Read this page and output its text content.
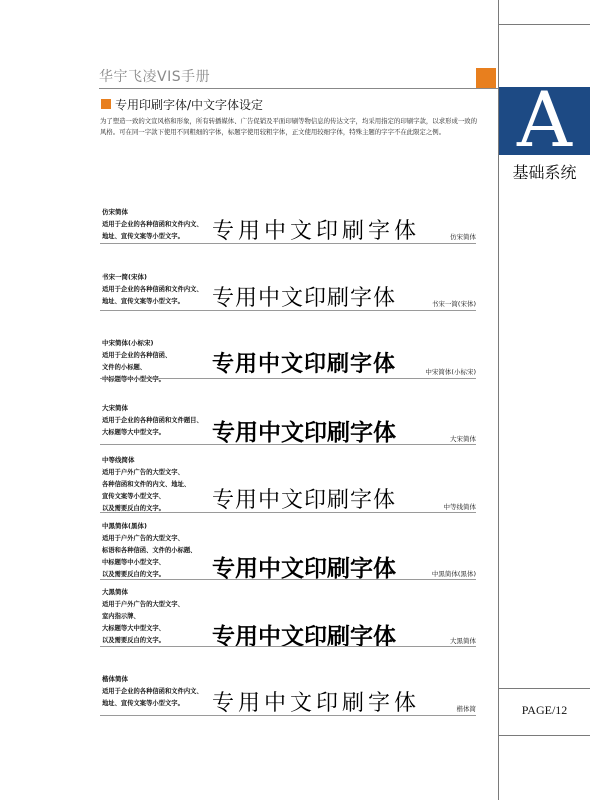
A
基础系统
PAGE/12
华宇飞凌VIS手册
专用印刷字体/中文字体设定
为了塑造一致的文宣风格和形象，所有转播媒体、广告促销及平面印刷等物信息的传达文字，均采用指定的印刷字款，以求形成一致的风格。可在同一字款下使用不同粗细的字体，标题字使用较粗字体，正文使用较细字体，特殊主题的字字不在此限定之例。
仿宋简体
适用于企业的各种信函和文件内文、
地址、宣传文案等小型文字。	专用中文印刷字体	仿宋简体
书宋一简(宋体)
适用于企业的各种信函和文件内文、
地址、宣传文案等小型文字。	专用中文印刷字体	书宋一简(宋体)
中宋简体(小标宋)
适用于企业的各种信函、
文件的小标题、
中标题等中小型文字。
专用中文印刷字体	中宋简体(小标宋)
大宋简体
适用于企业的各种信函和文件题目、
大标题等大中型文字。	专用中文印刷字体	大宋简体
中等线简体
适用于户外广告的大型文字、
各种信函和文件的内文、地址、
宣传文案等小型文字、
以及需要反白的文字。	专用中文印刷字体	中等线简体
中黑简体(黑体)
适用于户外广告的大型文字、
标语和各种信函、文件的小标题、
中标题等中小型文字、
以及需要反白的文字。	专用中文印刷字体	中黑简体(黑体)
大黑简体
适用于户外广告的大型文字、
室内指示牌、
大标题等大中型文字、
以及需要反白的文字。	专用中文印刷字体	大黑简体
楷体简体
适用于企业的各种信函和文件内文、
地址、宣传文案等小型文字。	专用中文印刷字体	楷体简
